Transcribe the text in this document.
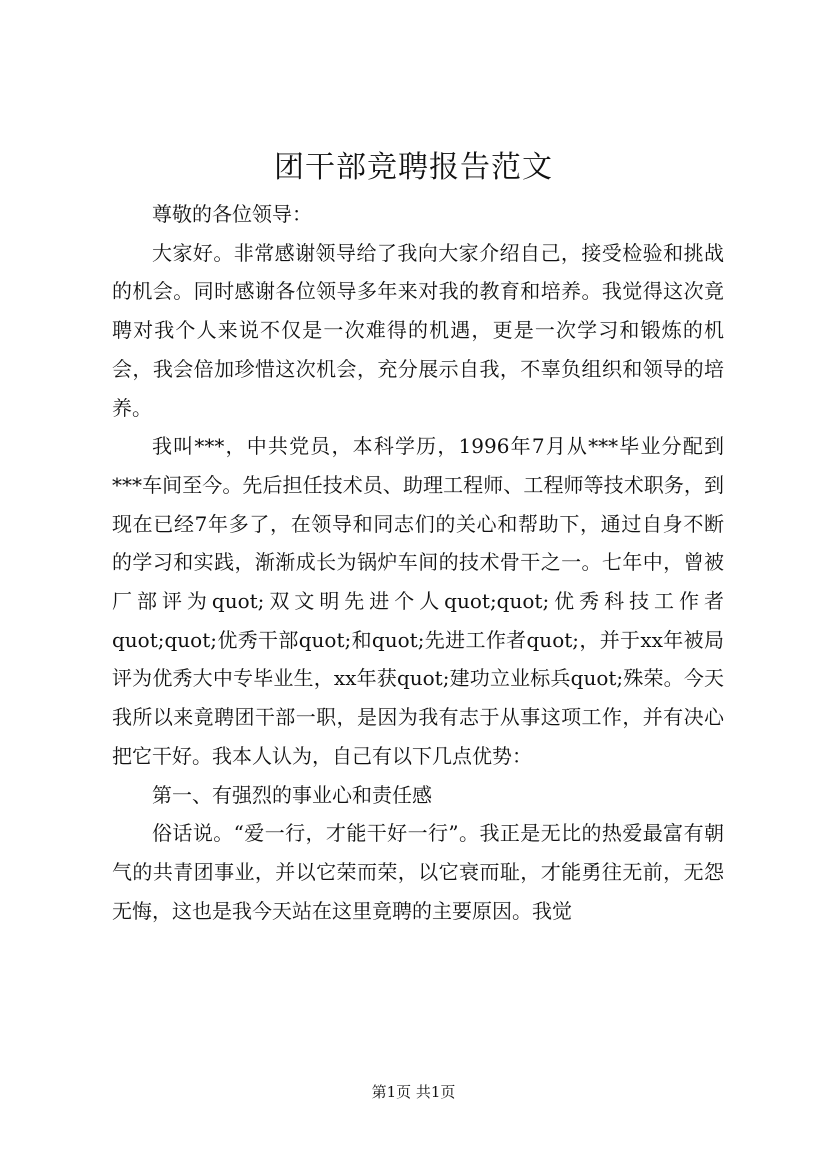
团干部竞聘报告范文

尊敬的各位领导：

大家好。非常感谢领导给了我向大家介绍自己，接受检验和挑战的机会。同时感谢各位领导多年来对我的教育和培养。我觉得这次竟聘对我个人来说不仅是一次难得的机遇，更是一次学习和锻炼的机会，我会倍加珍惜这次机会，充分展示自我，不辜负组织和领导的培养。

我叫***，中共党员，本科学历，1996年7月从***毕业分配到***车间至今。先后担任技术员、助理工程师、工程师等技术职务，到现在已经7年多了，在领导和同志们的关心和帮助下，通过自身不断的学习和实践，渐渐成长为锅炉车间的技术骨干之一。七年中，曾被厂部评为quot;双文明先进个人quot;quot;优秀科技工作者quot;quot;优秀干部quot;和quot;先进工作者quot;，并于xx年被局评为优秀大中专毕业生，xx年获quot;建功立业标兵quot;殊荣。今天我所以来竟聘团干部一职，是因为我有志于从事这项工作，并有决心把它干好。我本人认为，自己有以下几点优势：

第一、有强烈的事业心和责任感

俗话说。“爱一行，才能干好一行”。我正是无比的热爱最富有朝气的共青团事业，并以它荣而荣，以它衰而耻，才能勇往无前，无怨无悔，这也是我今天站在这里竟聘的主要原因。我觉

第1页 共1页
